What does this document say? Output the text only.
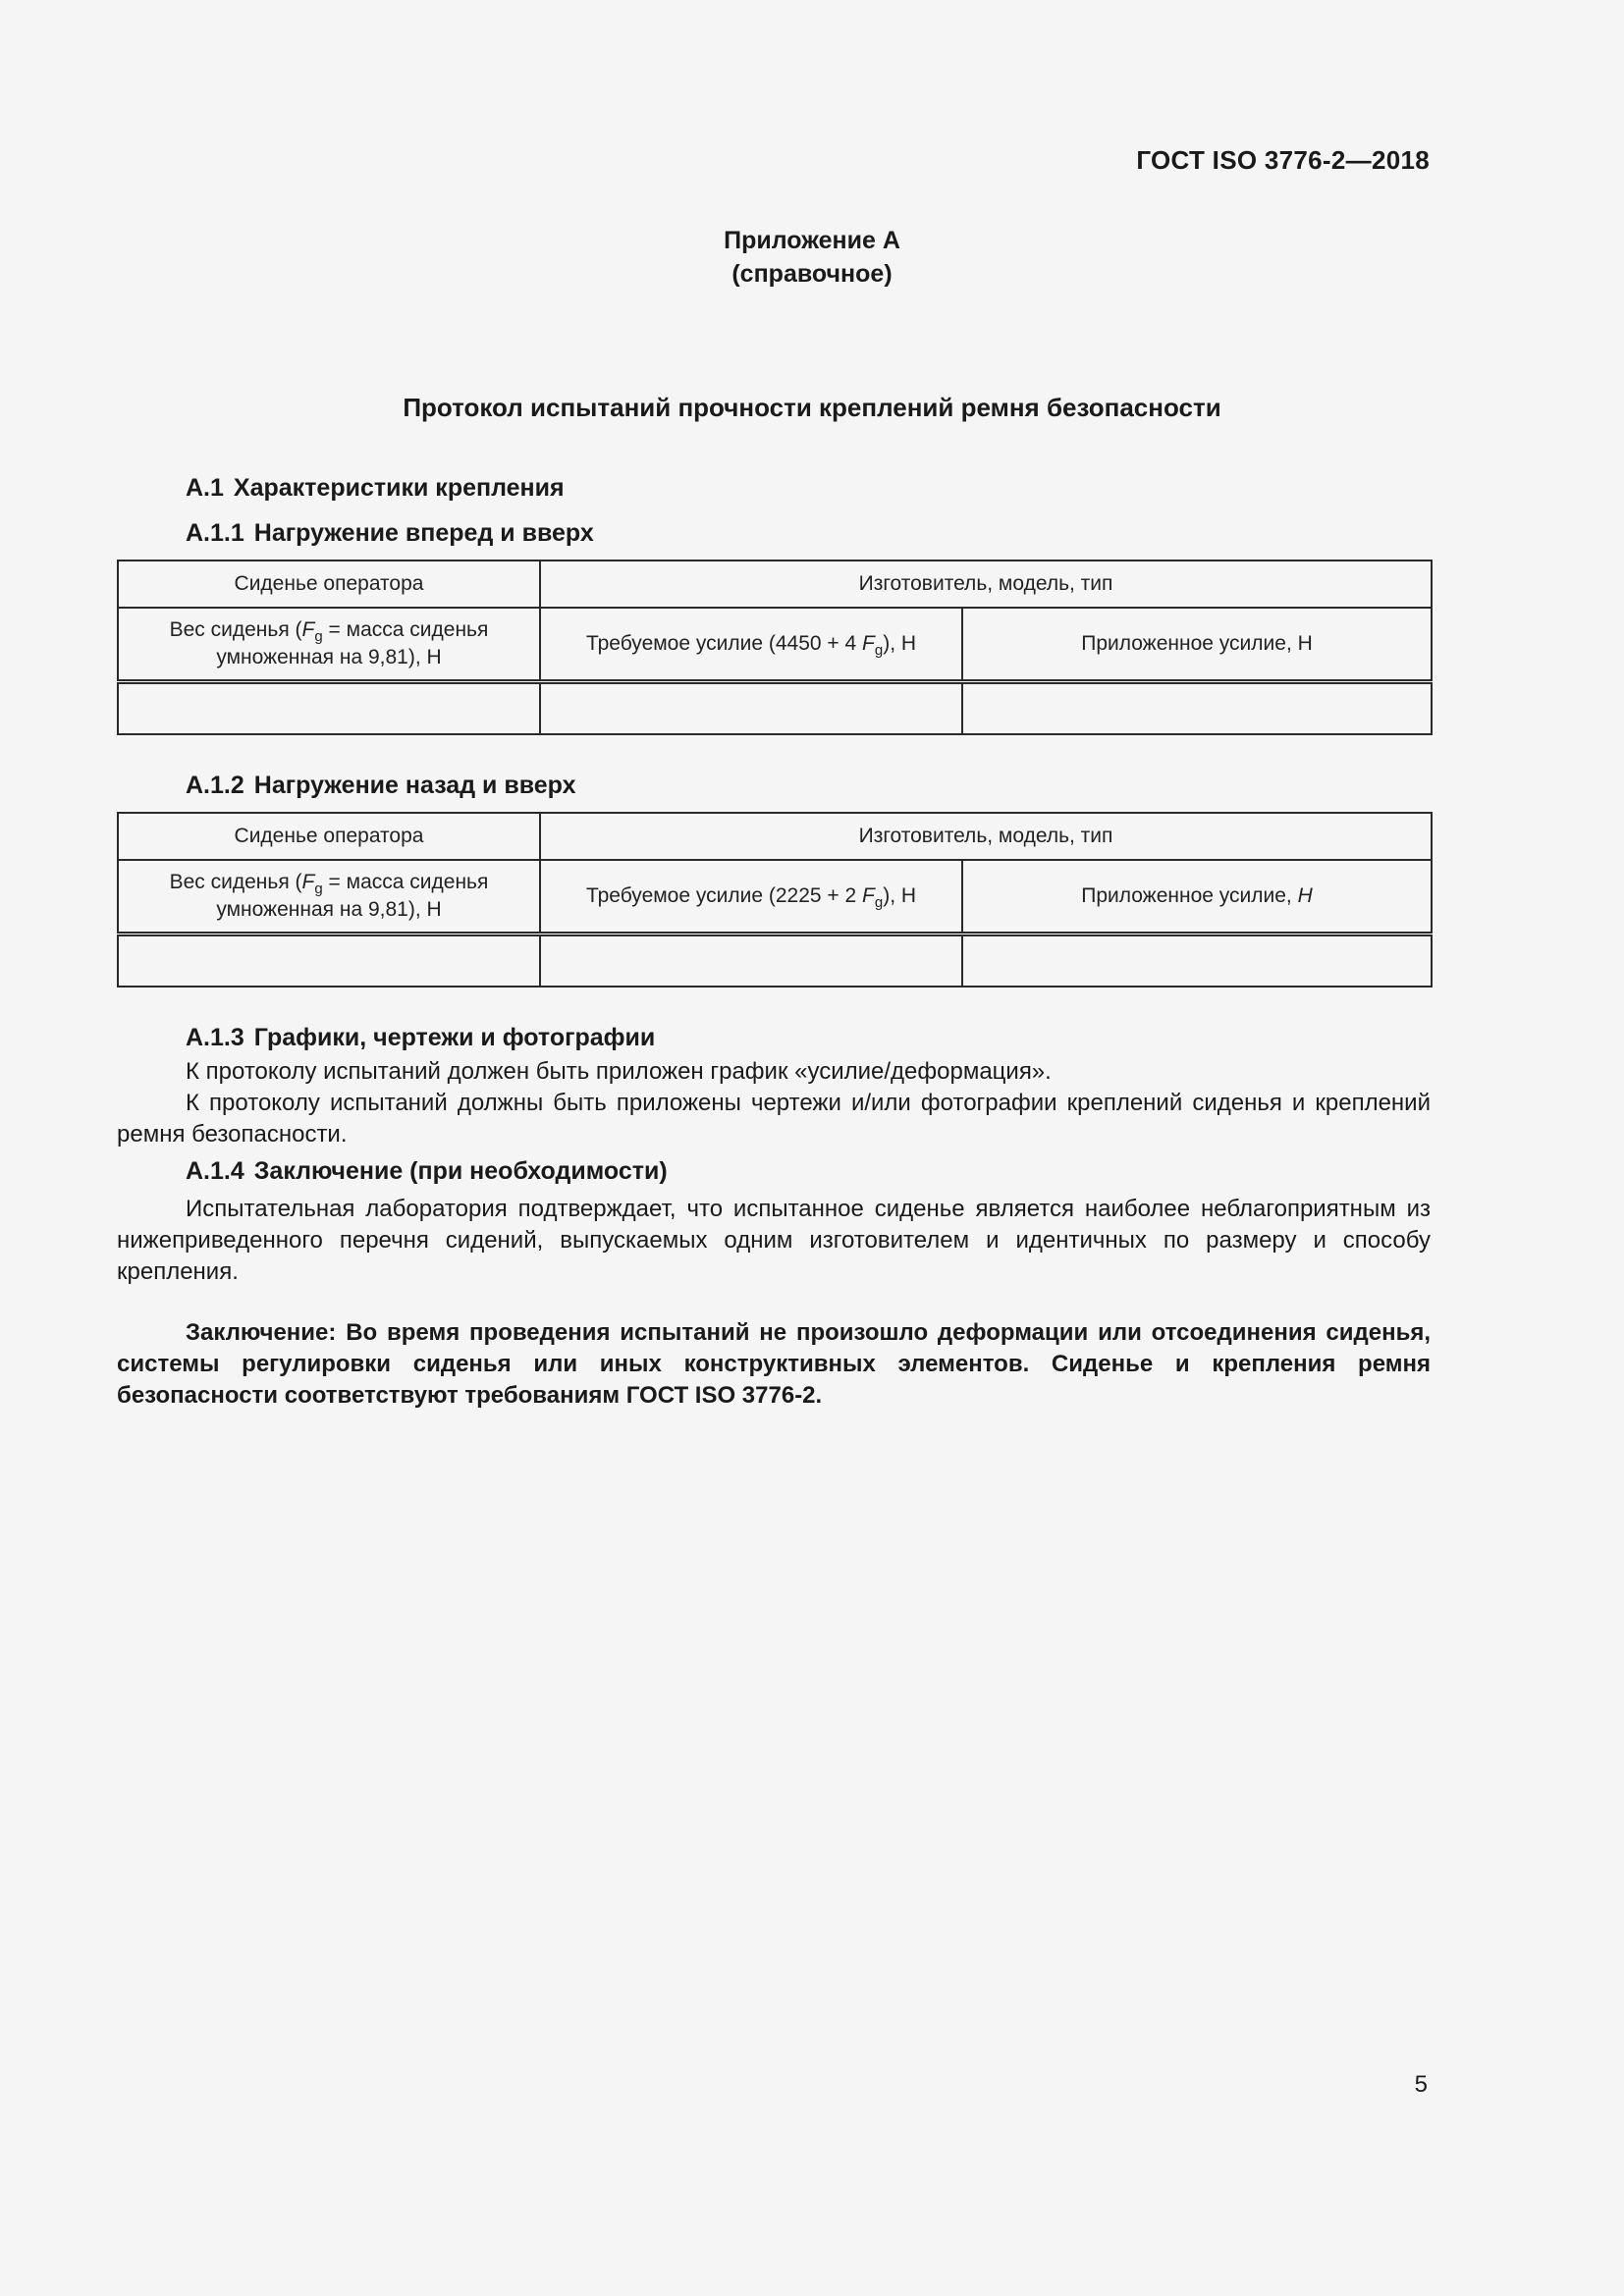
ГОСТ ISO 3776-2—2018
Приложение А
(справочное)
Протокол испытаний прочности креплений ремня безопасности

А.1 Характеристики крепления

А.1.1 Нагружение вперед и вверх

Сиденье оператора	Изготовитель, модель, тип	
Вес сиденья ($F_g$ = масса сиденья умноженная на 9,81), Н	Требуемое усилие (4450 + 4 $F_g$), Н	Приложенное усилие, Н

А.1.2 Нагружение назад и вверх

Сиденье оператора	Изготовитель, модель, тип	
Вес сиденья ($F_g$ = масса сиденья умноженная на 9,81), Н	Требуемое усилие (2225 + 2 $F_g$), Н	Приложенное усилие, Н

А.1.3 Графики, чертежи и фотографии

К протоколу испытаний должен быть приложен график «усилие/деформация».

К протоколу испытаний должны быть приложены чертежи и/или фотографии креплений сиденья и креплений ремня безопасности.

А.1.4 Заключение (при необходимости)

Испытательная лаборатория подтверждает, что испытанное сиденье является наиболее неблагоприятным из нижеприведенного перечня сидений, выпускаемых одним изготовителем и идентичных по размеру и способу крепления.

Заключение: Во время проведения испытаний не произошло деформации или отсоединения сиденья, системы регулировки сиденья или иных конструктивных элементов. Сиденье и крепления ремня безопасности соответствуют требованиям ГОСТ ISO 3776-2.

5
